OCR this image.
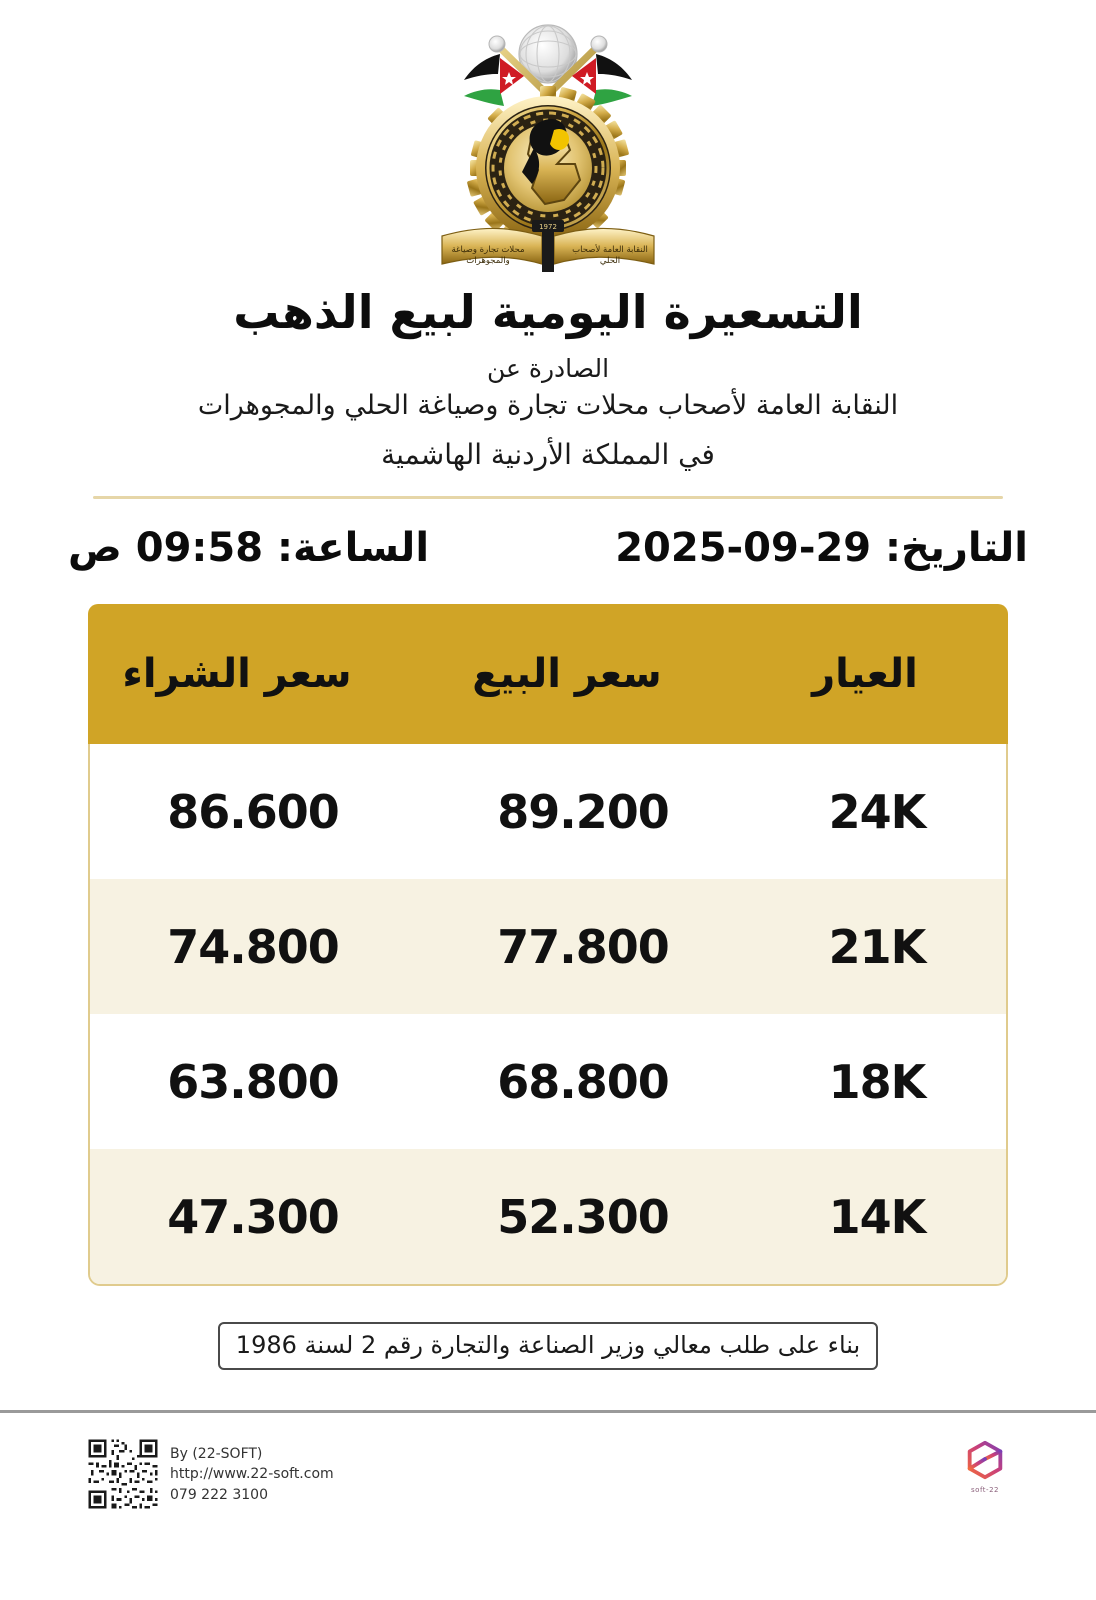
1972
النقابة العامة لأصحاب
الحلي
محلات تجارة وصياغة
والمجوهرات
التسعيرة اليومية لبيع الذهب
الصادرة عن
النقابة العامة لأصحاب محلات تجارة وصياغة الحلي والمجوهرات
في المملكة الأردنية الهاشمية
التاريخ: 29-09-2025
الساعة: 09:58 ص
العيار
سعر البيع
سعر الشراء
24K
89.200
86.600
21K
77.800
74.800
18K
68.800
63.800
14K
52.300
47.300
بناء على طلب معالي وزير الصناعة والتجارة رقم 2 لسنة 1986
22-soft
By (22-SOFT)
http://www.22-soft.com
079 222 3100
